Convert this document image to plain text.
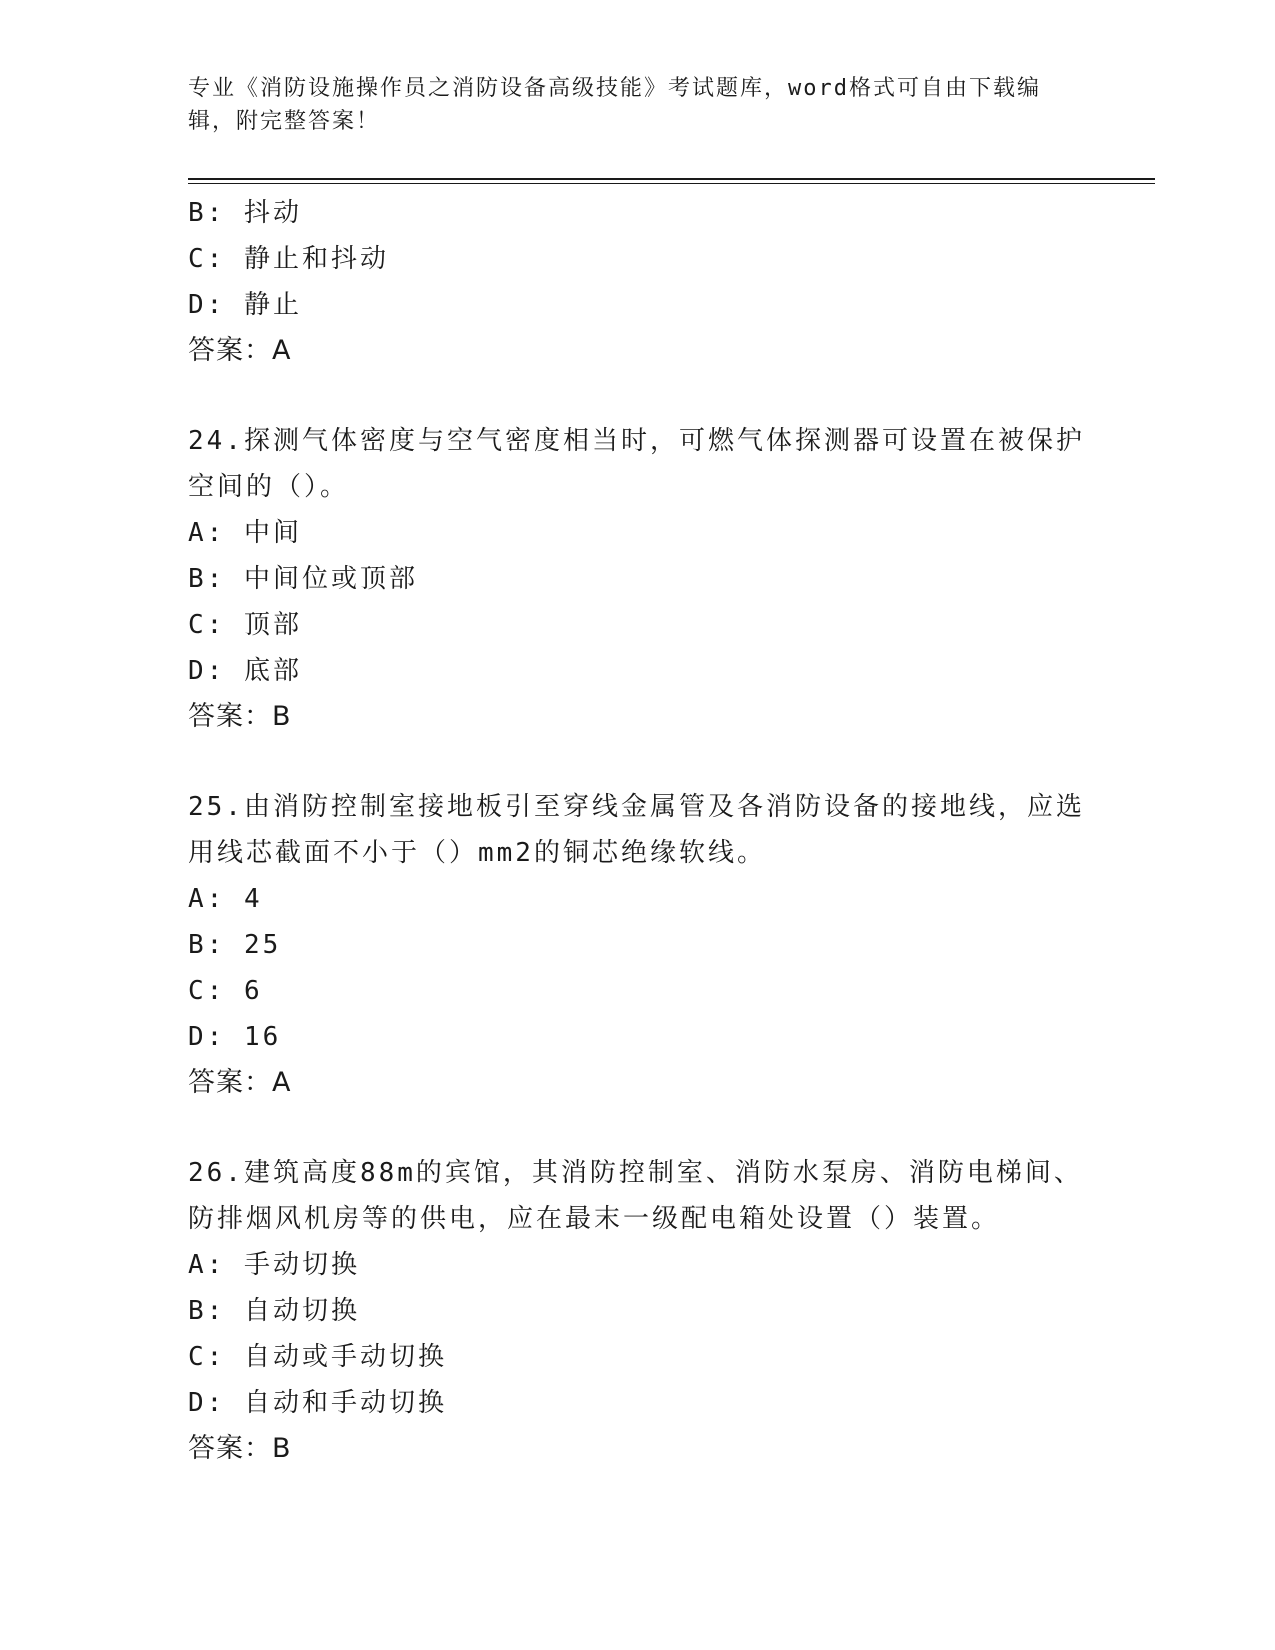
专业《消防设施操作员之消防设备高级技能》考试题库，word格式可自由下载编
辑，附完整答案！
B: 抖动
C: 静止和抖动
D: 静止
答案：A
24.探测气体密度与空气密度相当时，可燃气体探测器可设置在被保护
空间的（）。
A: 中间
B: 中间位或顶部
C: 顶部
D: 底部
答案：B
25.由消防控制室接地板引至穿线金属管及各消防设备的接地线，应选
用线芯截面不小于（）mm2的铜芯绝缘软线。
A: 4
B: 25
C: 6
D: 16
答案：A
26.建筑高度88m的宾馆，其消防控制室、消防水泵房、消防电梯间、
防排烟风机房等的供电，应在最末一级配电箱处设置（）装置。
A: 手动切换
B: 自动切换
C: 自动或手动切换
D: 自动和手动切换
答案：B
